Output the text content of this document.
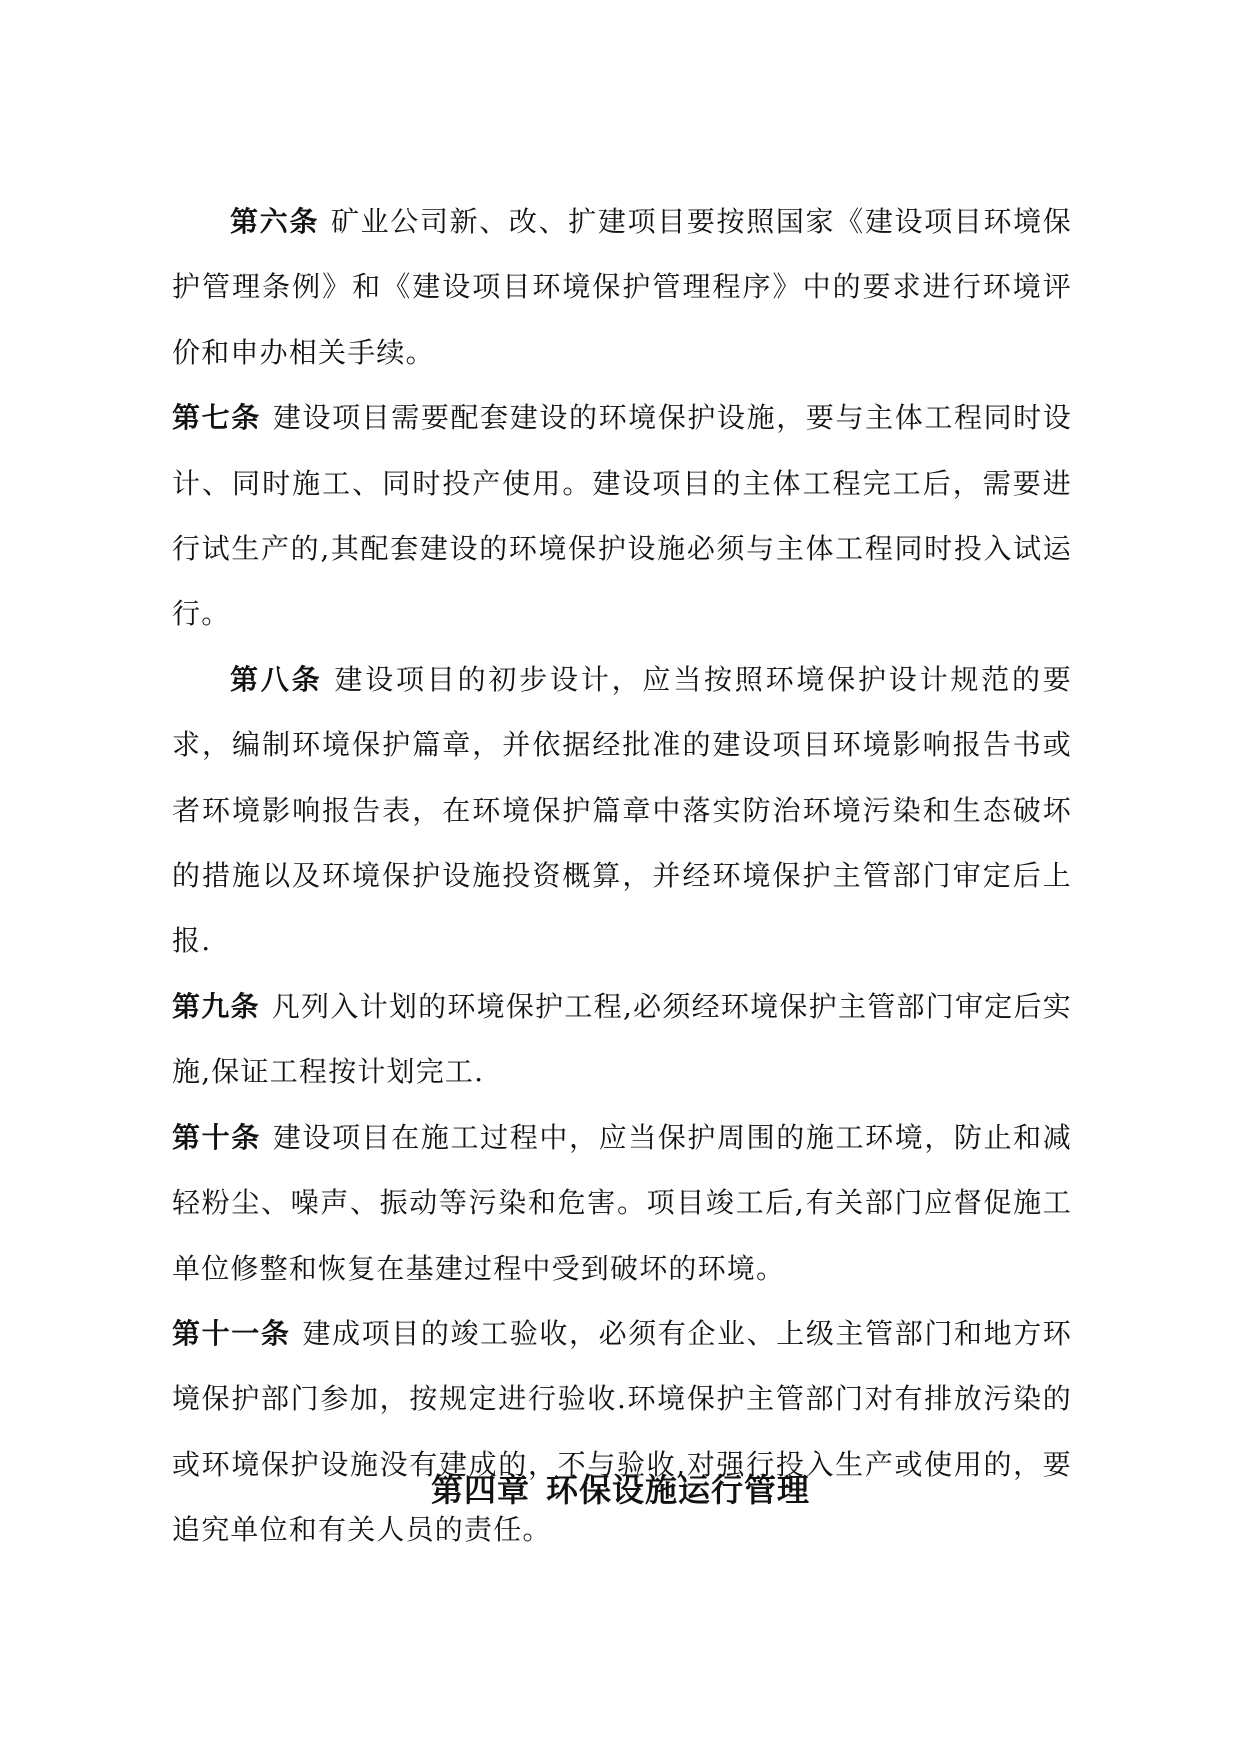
第六条 矿业公司新、改、扩建项目要按照国家《建设项目环境保护管理条例》和《建设项目环境保护管理程序》中的要求进行环境评价和申办相关手续。

第七条 建设项目需要配套建设的环境保护设施，要与主体工程同时设计、同时施工、同时投产使用。建设项目的主体工程完工后，需要进行试生产的,其配套建设的环境保护设施必须与主体工程同时投入试运行。

第八条 建设项目的初步设计，应当按照环境保护设计规范的要求，编制环境保护篇章，并依据经批准的建设项目环境影响报告书或者环境影响报告表，在环境保护篇章中落实防治环境污染和生态破坏的措施以及环境保护设施投资概算，并经环境保护主管部门审定后上报.

第九条 凡列入计划的环境保护工程,必须经环境保护主管部门审定后实施,保证工程按计划完工.

第十条 建设项目在施工过程中，应当保护周围的施工环境，防止和减轻粉尘、噪声、振动等污染和危害。项目竣工后,有关部门应督促施工单位修整和恢复在基建过程中受到破坏的环境。

第十一条 建成项目的竣工验收，必须有企业、上级主管部门和地方环境保护部门参加，按规定进行验收.环境保护主管部门对有排放污染的或环境保护设施没有建成的，不与验收,对强行投入生产或使用的，要追究单位和有关人员的责任。

第四章 环保设施运行管理
